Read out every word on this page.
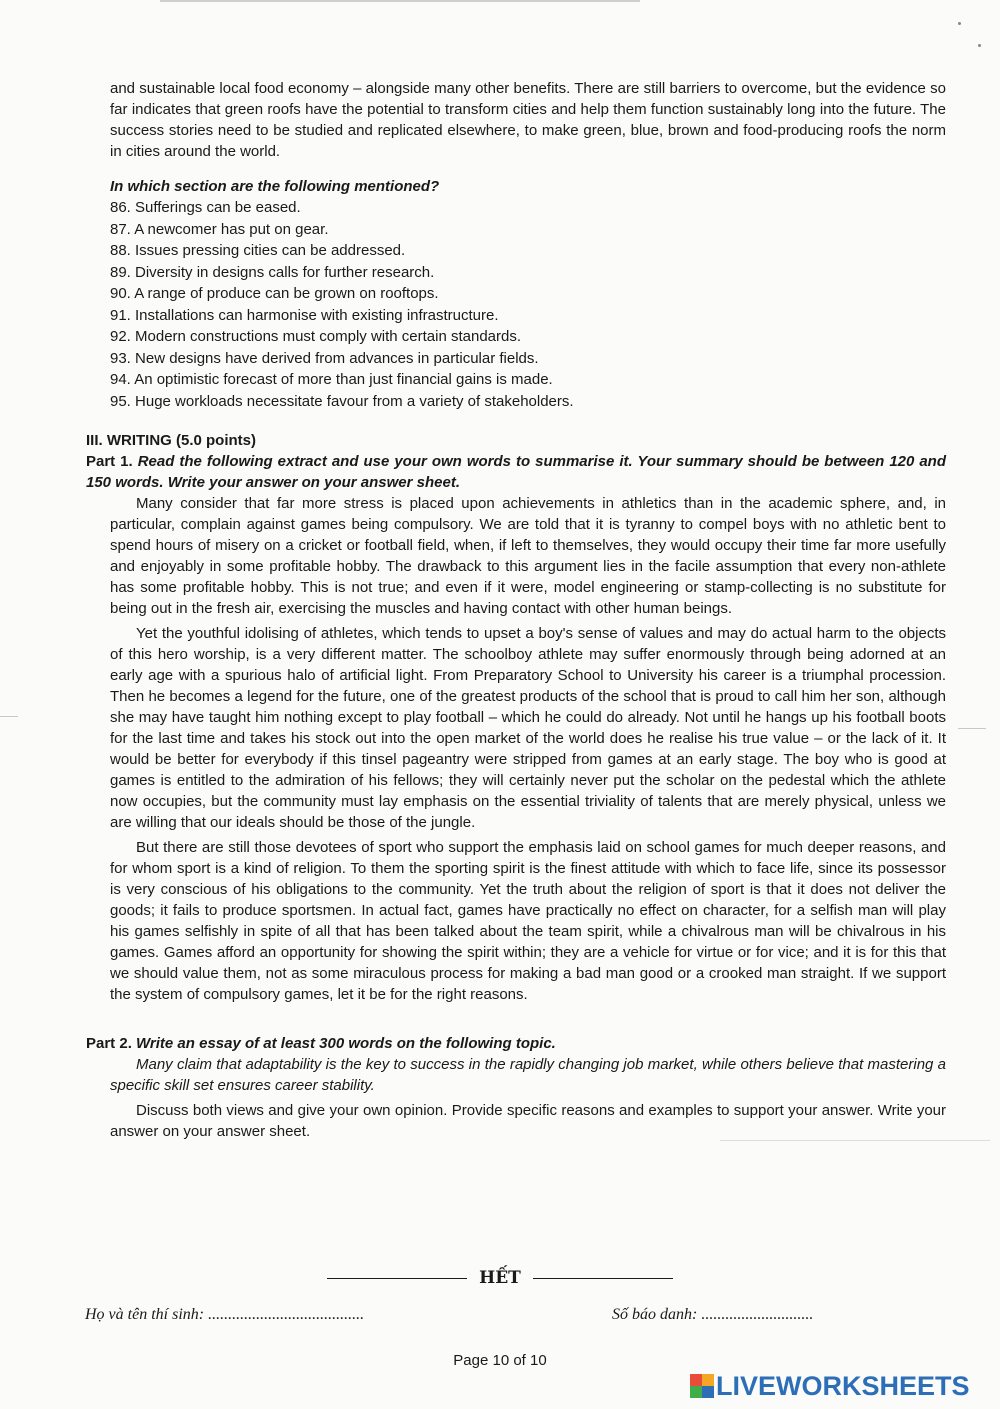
and sustainable local food economy – alongside many other benefits. There are still barriers to overcome, but the evidence so far indicates that green roofs have the potential to transform cities and help them function sustainably long into the future. The success stories need to be studied and replicated elsewhere, to make green, blue, brown and food-producing roofs the norm in cities around the world.

In which section are the following mentioned?

86. Sufferings can be eased.
87. A newcomer has put on gear.
88. Issues pressing cities can be addressed.
89. Diversity in designs calls for further research.
90. A range of produce can be grown on rooftops.
91. Installations can harmonise with existing infrastructure.
92. Modern constructions must comply with certain standards.
93. New designs have derived from advances in particular fields.
94. An optimistic forecast of more than just financial gains is made.
95. Huge workloads necessitate favour from a variety of stakeholders.

III. WRITING (5.0 points)

Part 1. Read the following extract and use your own words to summarise it. Your summary should be between 120 and 150 words. Write your answer on your answer sheet.

Many consider that far more stress is placed upon achievements in athletics than in the academic sphere, and, in particular, complain against games being compulsory. We are told that it is tyranny to compel boys with no athletic bent to spend hours of misery on a cricket or football field, when, if left to themselves, they would occupy their time far more usefully and enjoyably in some profitable hobby. The drawback to this argument lies in the facile assumption that every non-athlete has some profitable hobby. This is not true; and even if it were, model engineering or stamp-collecting is no substitute for being out in the fresh air, exercising the muscles and having contact with other human beings.

Yet the youthful idolising of athletes, which tends to upset a boy's sense of values and may do actual harm to the objects of this hero worship, is a very different matter. The schoolboy athlete may suffer enormously through being adorned at an early age with a spurious halo of artificial light. From Preparatory School to University his career is a triumphal procession. Then he becomes a legend for the future, one of the greatest products of the school that is proud to call him her son, although she may have taught him nothing except to play football – which he could do already. Not until he hangs up his football boots for the last time and takes his stock out into the open market of the world does he realise his true value – or the lack of it. It would be better for everybody if this tinsel pageantry were stripped from games at an early stage. The boy who is good at games is entitled to the admiration of his fellows; they will certainly never put the scholar on the pedestal which the athlete now occupies, but the community must lay emphasis on the essential triviality of talents that are merely physical, unless we are willing that our ideals should be those of the jungle.

But there are still those devotees of sport who support the emphasis laid on school games for much deeper reasons, and for whom sport is a kind of religion. To them the sporting spirit is the finest attitude with which to face life, since its possessor is very conscious of his obligations to the community. Yet the truth about the religion of sport is that it does not deliver the goods; it fails to produce sportsmen. In actual fact, games have practically no effect on character, for a selfish man will play his games selfishly in spite of all that has been talked about the team spirit, while a chivalrous man will be chivalrous in his games. Games afford an opportunity for showing the spirit within; they are a vehicle for virtue or for vice; and it is for this that we should value them, not as some miraculous process for making a bad man good or a crooked man straight. If we support the system of compulsory games, let it be for the right reasons.

Part 2. Write an essay of at least 300 words on the following topic.

Many claim that adaptability is the key to success in the rapidly changing job market, while others believe that mastering a specific skill set ensures career stability.

Discuss both views and give your own opinion. Provide specific reasons and examples to support your answer. Write your answer on your answer sheet.

HẾT
Họ và tên thí sinh: .......................................	Số báo danh: ............................
Page 10 of 10
LIVEWORKSHEETS
